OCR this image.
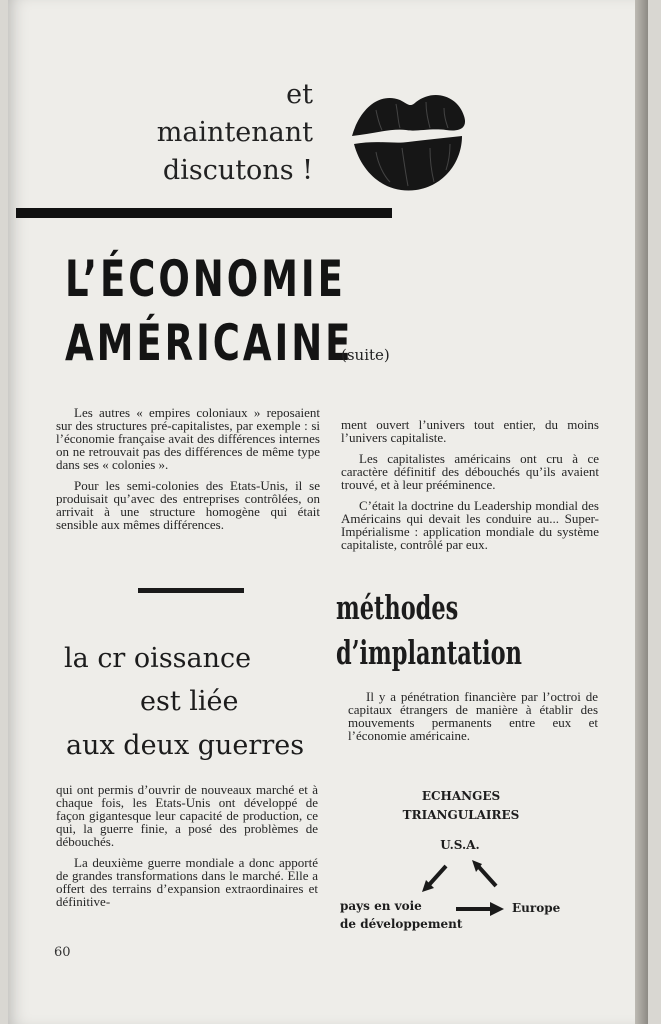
et
maintenant
discutons !
L’ÉCONOMIE
AMÉRICAINE
(suite)

Les autres « empires coloniaux » reposaient sur des structures pré-capitalistes, par exemple : si l’économie française avait des différences internes on ne retrouvait pas des différences de même type dans ses « colonies ».

Pour les semi-colonies des Etats-Unis, il se produisait qu’avec des entreprises contrôlées, on arrivait à une structure homogène qui était sensible aux mêmes différences.

ment ouvert l’univers tout entier, du moins l’univers capitaliste.

Les capitalistes américains ont cru à ce caractère définitif des débouchés qu’ils avaient trouvé, et à leur prééminence.

C’était la doctrine du Leadership mondial des Américains qui devait les conduire au... Super-Impérialisme : application mondiale du système capitaliste, contrôlé par eux.

la cr oissance
est liée
aux deux guerres
méthodes
d’implantation

Il y a pénétration financière par l’octroi de capitaux étrangers de manière à établir des mouvements permanents entre eux et l’économie américaine.

qui ont permis d’ouvrir de nouveaux marché et à chaque fois, les Etats-Unis ont développé de façon gigantesque leur capacité de production, ce qui, la guerre finie, a posé des problèmes de débouchés.

La deuxième guerre mondiale a donc apporté de grandes transformations dans le marché. Elle a offert des terrains d’expansion extraordinaires et définitive-

ECHANGES
TRIANGULAIRES
U.S.A.
pays en voie
de développement
Europe
60
